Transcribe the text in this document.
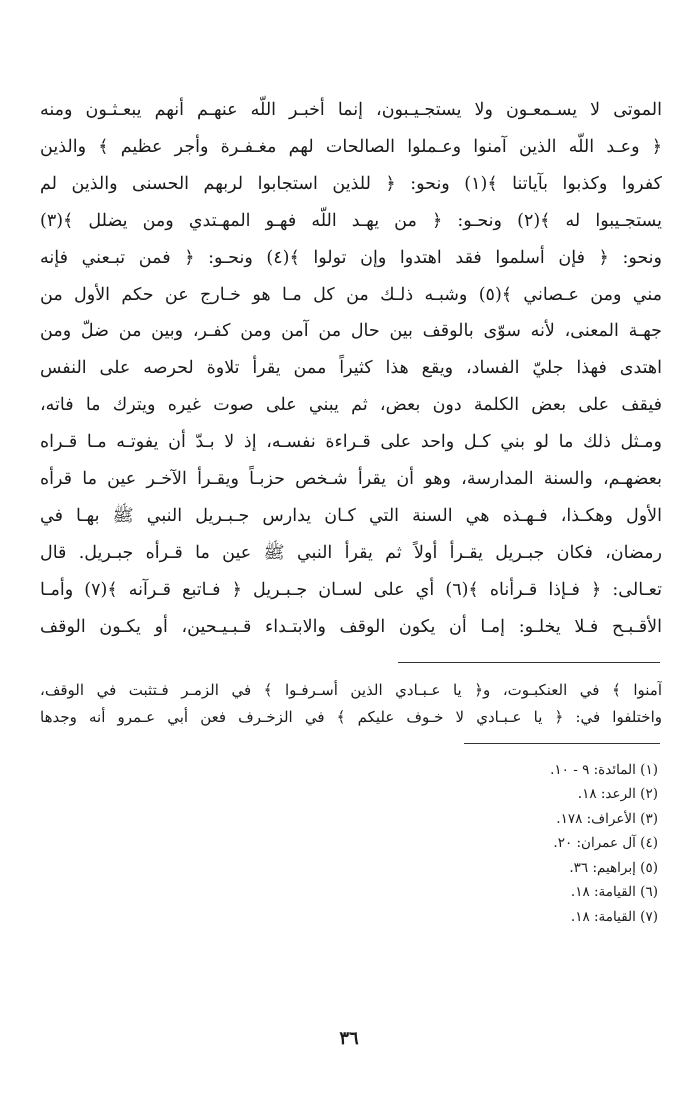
الموتى لا يسـمعـون ولا يستجـيـبون، إنما أخبـر اللّه عنهـم أنهم يبعـثـون ومنه
﴿ وعـد اللّه الذين آمنوا وعـملوا الصالحات لهم مغـفـرة وأجر عظيم ﴾ والذين
كفروا وكذبوا بآياتنا ﴾(١) ونحو: ﴿ للذين استجابوا لربهم الحسنى والذين لم
يستجـيبوا له ﴾(٢) ونحـو: ﴿ من يهـد اللّه فهـو المهـتدي ومن يضلل ﴾(٣)
ونحو: ﴿ فإن أسلموا فقد اهتدوا وإن تولوا ﴾(٤) ونحـو: ﴿ فمن تبـعني فإنه
مني ومن عـصاني ﴾(٥) وشبـه ذلـك من كل مـا هو خـارج عن حكم الأول من
جهـة المعنى، لأنه سوّى بالوقف بين حال من آمن ومن كفـر، وبين من ضلّ ومن
اهتدى فهذا جليّ الفساد، ويقع هذا كثيراً ممن يقرأ تلاوة لحرصه على النفس
فيقف على بعض الكلمة دون بعض، ثم يبني على صوت غيره ويترك ما فاته،
ومـثل ذلك ما لو بني كـل واحد على قـراءة نفسـه، إذ لا بـدّ أن يفوتـه مـا قـراه
بعضهـم، والسنة المدارسة، وهو أن يقرأ شـخص حزبـاً ويقـرأ الآخـر عين ما قرأه
الأول وهكـذا، فـهـذه هي السنة التي كـان يدارس جـبـريل النبي ﷺ بهـا في
رمضان، فكان جبـريل يقـرأ أولاً ثم يقرأ النبي ﷺ عين ما قـرأه جبـريل. قال
تعـالى: ﴿ فـإذا قـرأناه ﴾(٦) أي على لسـان جـبـريل ﴿ فـاتبع قـرآنه ﴾(٧) وأمـا
الأقـبـح فـلا يخلـو: إمـا أن يكون الوقف والابتـداء قـبـيـحين، أو يكـون الوقف
آمنوا ﴾ في العنكبـوت، و﴿ يا عـبـادي الذين أسـرفـوا ﴾ في الزمـر فـتثبت في الوقف،
واختلفوا في: ﴿ يا عـبـادي لا خـوف عليكم ﴾ في الزخـرف فعن أبي عـمرو أنه وجدها
(١) المائدة: ٩ - ١٠.
(٢) الرعد: ١٨.
(٣) الأعراف: ١٧٨.
(٤) آل عمران: ٢٠.
(٥) إبراهيم: ٣٦.
(٦) القيامة: ١٨.
(٧) القيامة: ١٨.
٣٦
